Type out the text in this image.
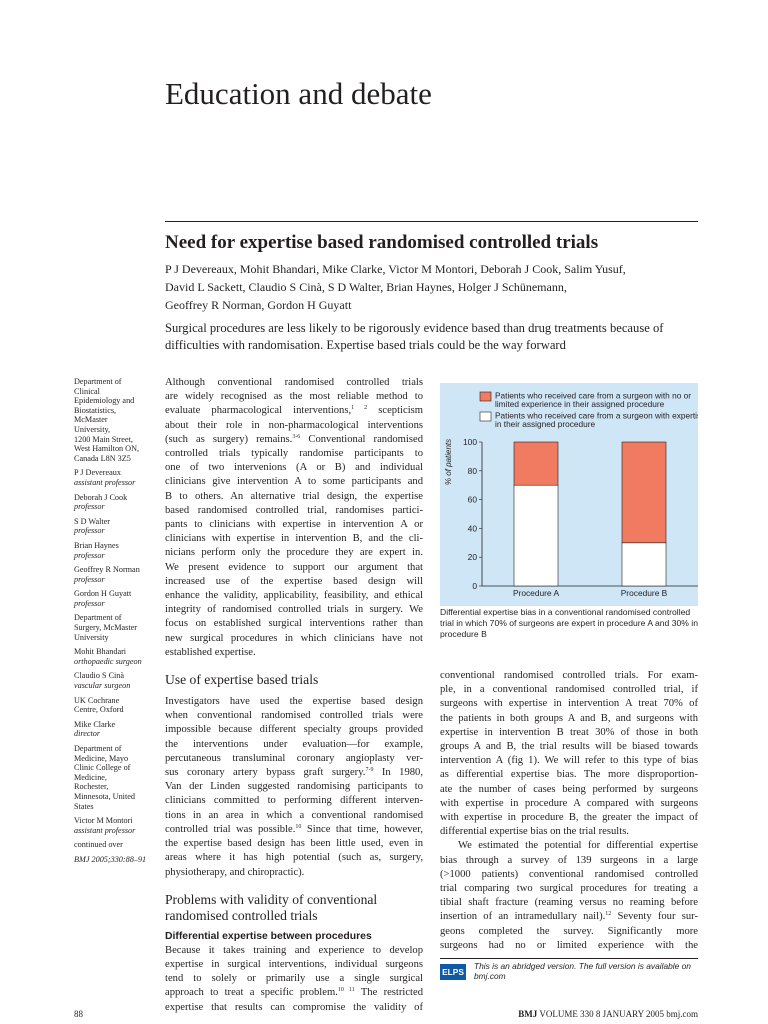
Education and debate
Need for expertise based randomised controlled trials
P J Devereaux, Mohit Bhandari, Mike Clarke, Victor M Montori, Deborah J Cook, Salim Yusuf,
David L Sackett, Claudio S Cinà, S D Walter, Brian Haynes, Holger J Schünemann,
Geoffrey R Norman, Gordon H Guyatt
Surgical procedures are less likely to be rigorously evidence based than drug treatments because of
difficulties with randomisation. Expertise based trials could be the way forward
Department of
Clinical
Epidemiology and
Biostatistics,
McMaster
University,
1200 Main Street,
West Hamilton ON,
Canada L8N 3Z5
P J Devereaux
assistant professor
Deborah J Cook
professor
S D Walter
professor
Brian Haynes
professor
Geoffrey R Norman
professor
Gordon H Guyatt
professor
Department of
Surgery, McMaster
University
Mohit Bhandari
orthopaedic surgeon
Claudio S Cinà
vascular surgeon
UK Cochrane
Centre, Oxford
Mike Clarke
director
Department of
Medicine, Mayo
Clinic College of
Medicine,
Rochester,
Minnesota, United
States
Victor M Montori
assistant professor
continued over
BMJ 2005;330:88–91
Although conventional randomised controlled trials
are widely recognised as the most reliable method to
evaluate pharmacological interventions,$^{1 2}$ scepticism
about their role in non-pharmacological interventions
(such as surgery) remains.$^{3-6}$ Conventional randomised
controlled trials typically randomise participants to
one of two intervenions (A or B) and individual
clinicians give intervention A to some participants and
B to others. An alternative trial design, the expertise
based randomised controlled trial, randomises partici-
pants to clinicians with expertise in intervention A or
clinicians with expertise in intervention B, and the cli-
nicians perform only the procedure they are expert in.
We present evidence to support our argument that
increased use of the expertise based design will
enhance the validity, applicability, feasibility, and ethical
integrity of randomised controlled trials in surgery. We
focus on established surgical interventions rather than
new surgical procedures in which clinicians have not
established expertise.
Use of expertise based trials
Investigators have used the expertise based design
when conventional randomised controlled trials were
impossible because different specialty groups provided
the interventions under evaluation—for example,
percutaneous transluminal coronary angioplasty ver-
sus coronary artery bypass graft surgery.$^{7-9}$ In 1980,
Van der Linden suggested randomising participants to
clinicians committed to performing different interven-
tions in an area in which a conventional randomised
controlled trial was possible.$^{10}$ Since that time, however,
the expertise based design has been little used, even in
areas where it has high potential (such as, surgery,
physiotherapy, and chiropractic).
Problems with validity of conventional
randomised controlled trials
Differential expertise between procedures
Because it takes training and experience to develop
expertise in surgical interventions, individual surgeons
tend to solely or primarily use a single surgical
approach to treat a specific problem.$^{10 11}$ The restricted
expertise that results can compromise the validity of
Patients who received care from a surgeon with no or limited experience in their assigned procedure
Patients who received care from a surgeon with expertise in their assigned procedure
0
20
40
60
80
100
% of patients
Procedure A	Procedure B
Differential expertise bias in a conventional randomised controlled
trial in which 70% of surgeons are expert in procedure A and 30% in
procedure B
conventional randomised controlled trials. For exam-
ple, in a conventional randomised controlled trial, if
surgeons with expertise in intervention A treat 70% of
the patients in both groups A and B, and surgeons with
expertise in intervention B treat 30% of those in both
groups A and B, the trial results will be biased towards
intervention A (fig 1). We will refer to this type of bias
as differential expertise bias. The more disproportion-
ate the number of cases being performed by surgeons
with expertise in procedure A compared with surgeons
with expertise in procedure B, the greater the impact of
differential expertise bias on the trial results.
We estimated the potential for differential expertise
bias through a survey of 139 surgeons in a large
(>1000 patients) conventional randomised controlled
trial comparing two surgical procedures for treating a
tibial shaft fracture (reaming versus no reaming before
insertion of an intramedullary nail).$^{12}$ Seventy four sur-
geons completed the survey. Significantly more
surgeons had no or limited experience with the
ELPS
This is an abridged version. The full version is available on
bmj.com
88	BMJ VOLUME 330 8 JANUARY 2005 bmj.com
